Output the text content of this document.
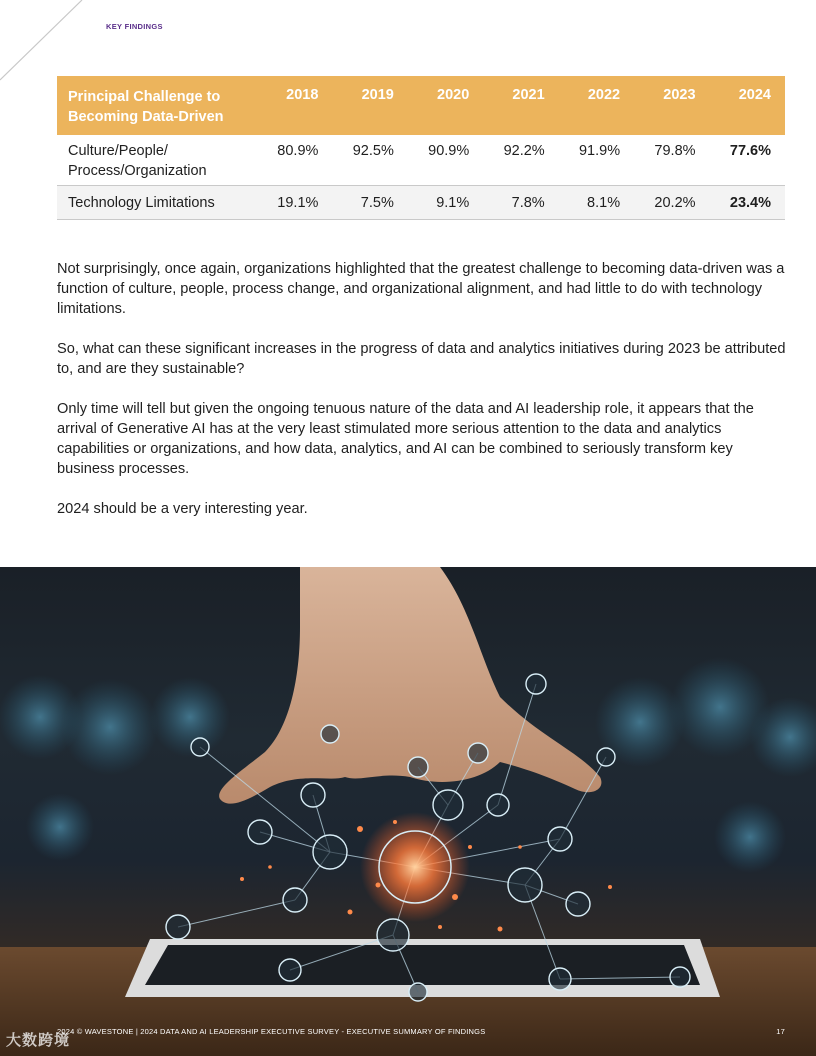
KEY FINDINGS
Principal Challenge to Becoming Data-Driven	2018	2019	2020	2021	2022	2023	2024
Culture/People/ Process/Organization	80.9%	92.5%	90.9%	92.2%	91.9%	79.8%	77.6%
Technology Limitations	19.1%	7.5%	9.1%	7.8%	8.1%	20.2%	23.4%

Not surprisingly, once again, organizations highlighted that the greatest challenge to becoming data-driven was a function of culture, people, process change, and organizational alignment, and had little to do with technology limitations.

So, what can these significant increases in the progress of data and analytics initiatives during 2023 be attributed to, and are they sustainable?

Only time will tell but given the ongoing tenuous nature of the data and AI leadership role, it appears that the arrival of Generative AI has at the very least stimulated more serious attention to the data and analytics capabilities or organizations, and how data, analytics, and AI can be combined to seriously transform key business processes.

2024 should be a very interesting year.

大数跨境
2024 © WAVESTONE | 2024 DATA AND AI LEADERSHIP EXECUTIVE SURVEY - EXECUTIVE SUMMARY OF FINDINGS	17
